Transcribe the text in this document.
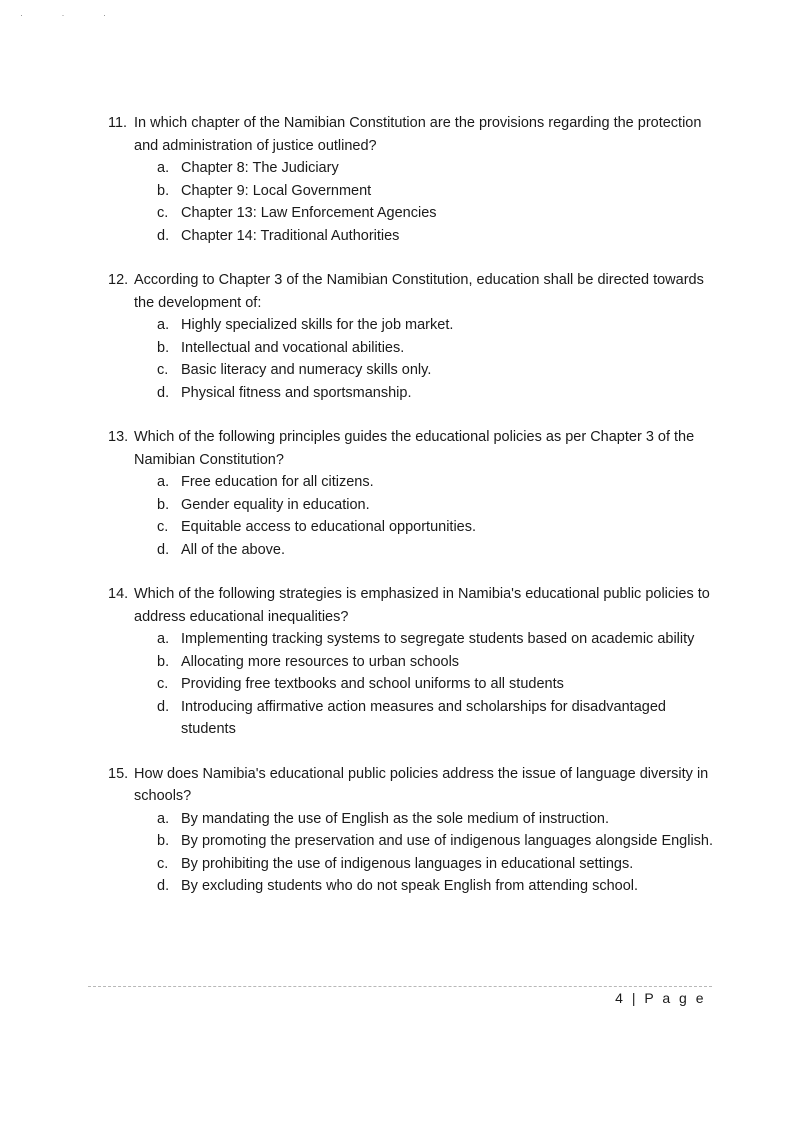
· · ·
11. In which chapter of the Namibian Constitution are the provisions regarding the protection and administration of justice outlined?
a. Chapter 8: The Judiciary
b. Chapter 9: Local Government
c. Chapter 13: Law Enforcement Agencies
d. Chapter 14: Traditional Authorities
12. According to Chapter 3 of the Namibian Constitution, education shall be directed towards the development of:
a. Highly specialized skills for the job market.
b. Intellectual and vocational abilities.
c. Basic literacy and numeracy skills only.
d. Physical fitness and sportsmanship.
13. Which of the following principles guides the educational policies as per Chapter 3 of the Namibian Constitution?
a. Free education for all citizens.
b. Gender equality in education.
c. Equitable access to educational opportunities.
d. All of the above.
14. Which of the following strategies is emphasized in Namibia's educational public policies to address educational inequalities?
a. Implementing tracking systems to segregate students based on academic ability
b. Allocating more resources to urban schools
c. Providing free textbooks and school uniforms to all students
d. Introducing affirmative action measures and scholarships for disadvantaged students
15. How does Namibia's educational public policies address the issue of language diversity in schools?
a. By mandating the use of English as the sole medium of instruction.
b. By promoting the preservation and use of indigenous languages alongside English.
c. By prohibiting the use of indigenous languages in educational settings.
d. By excluding students who do not speak English from attending school.
4 | P a g e
